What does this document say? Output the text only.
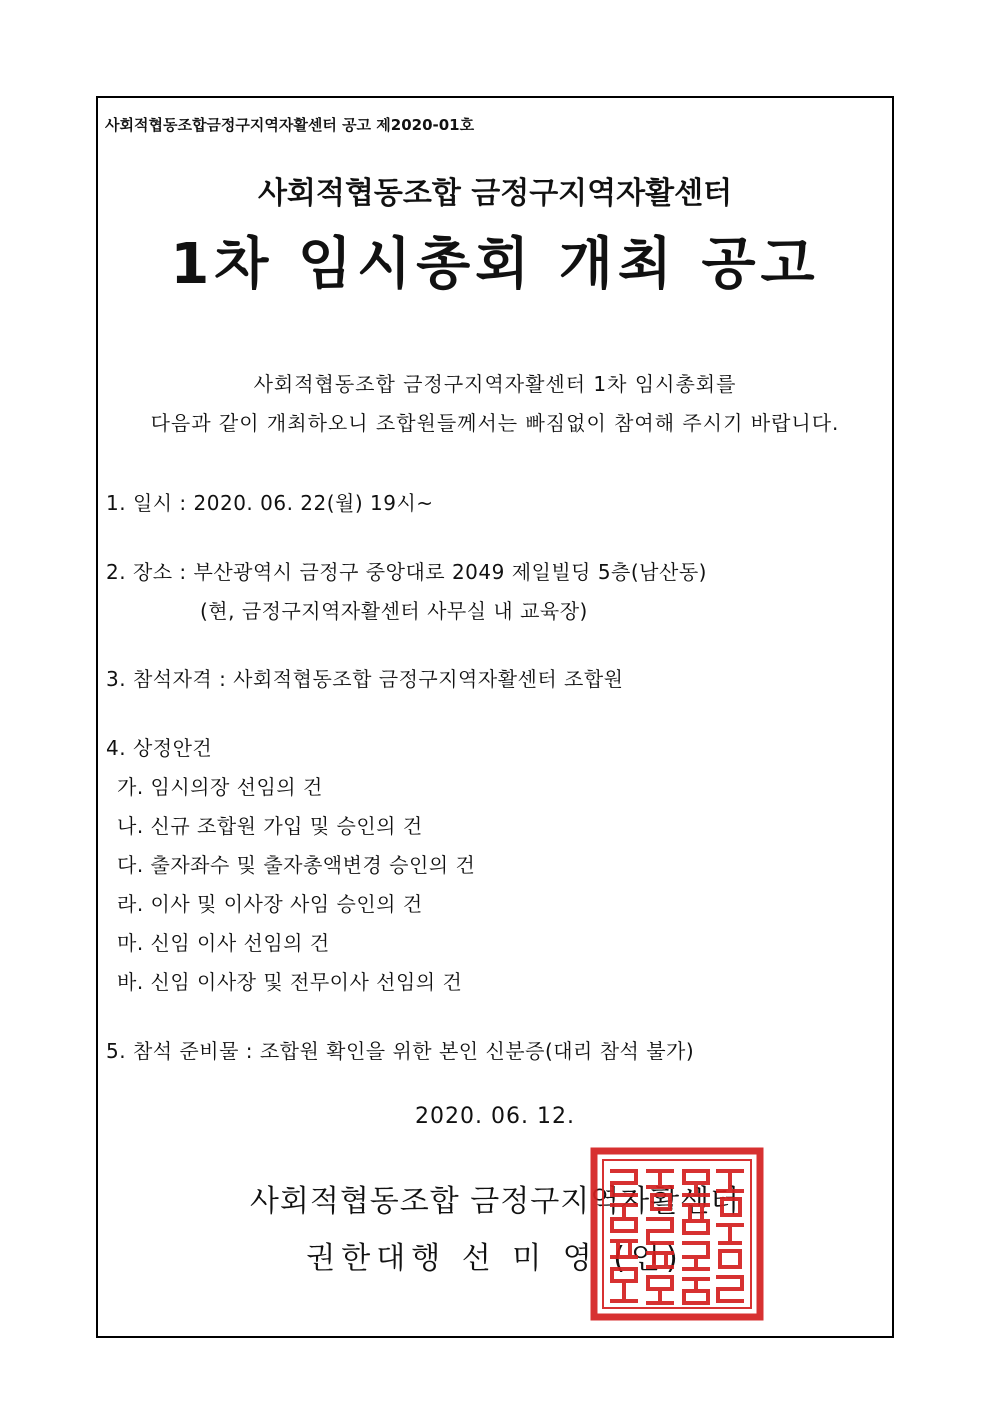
사회적협동조합금정구지역자활센터 공고 제2020-01호
사회적협동조합 금정구지역자활센터
1차 임시총회 개최 공고
사회적협동조합 금정구지역자활센터 1차 임시총회를
다음과 같이 개최하오니 조합원들께서는 빠짐없이 참여해 주시기 바랍니다.
1. 일시 : 2020. 06. 22(월) 19시~
2. 장소 : 부산광역시 금정구 중앙대로 2049 제일빌딩 5층(남산동)
(현, 금정구지역자활센터 사무실 내 교육장)
3. 참석자격 : 사회적협동조합 금정구지역자활센터 조합원
4. 상정안건
가. 임시의장 선임의 건
나. 신규 조합원 가입 및 승인의 건
다. 출자좌수 및 출자총액변경 승인의 건
라. 이사 및 이사장 사임 승인의 건
마. 신임 이사 선임의 건
바. 신임 이사장 및 전무이사 선임의 건
5. 참석 준비물 : 조합원 확인을 위한 본인 신분증(대리 참석 불가)
2020. 06. 12.
사회적협동조합 금정구지역자활센터
권한대행 선 미 영 (인)
